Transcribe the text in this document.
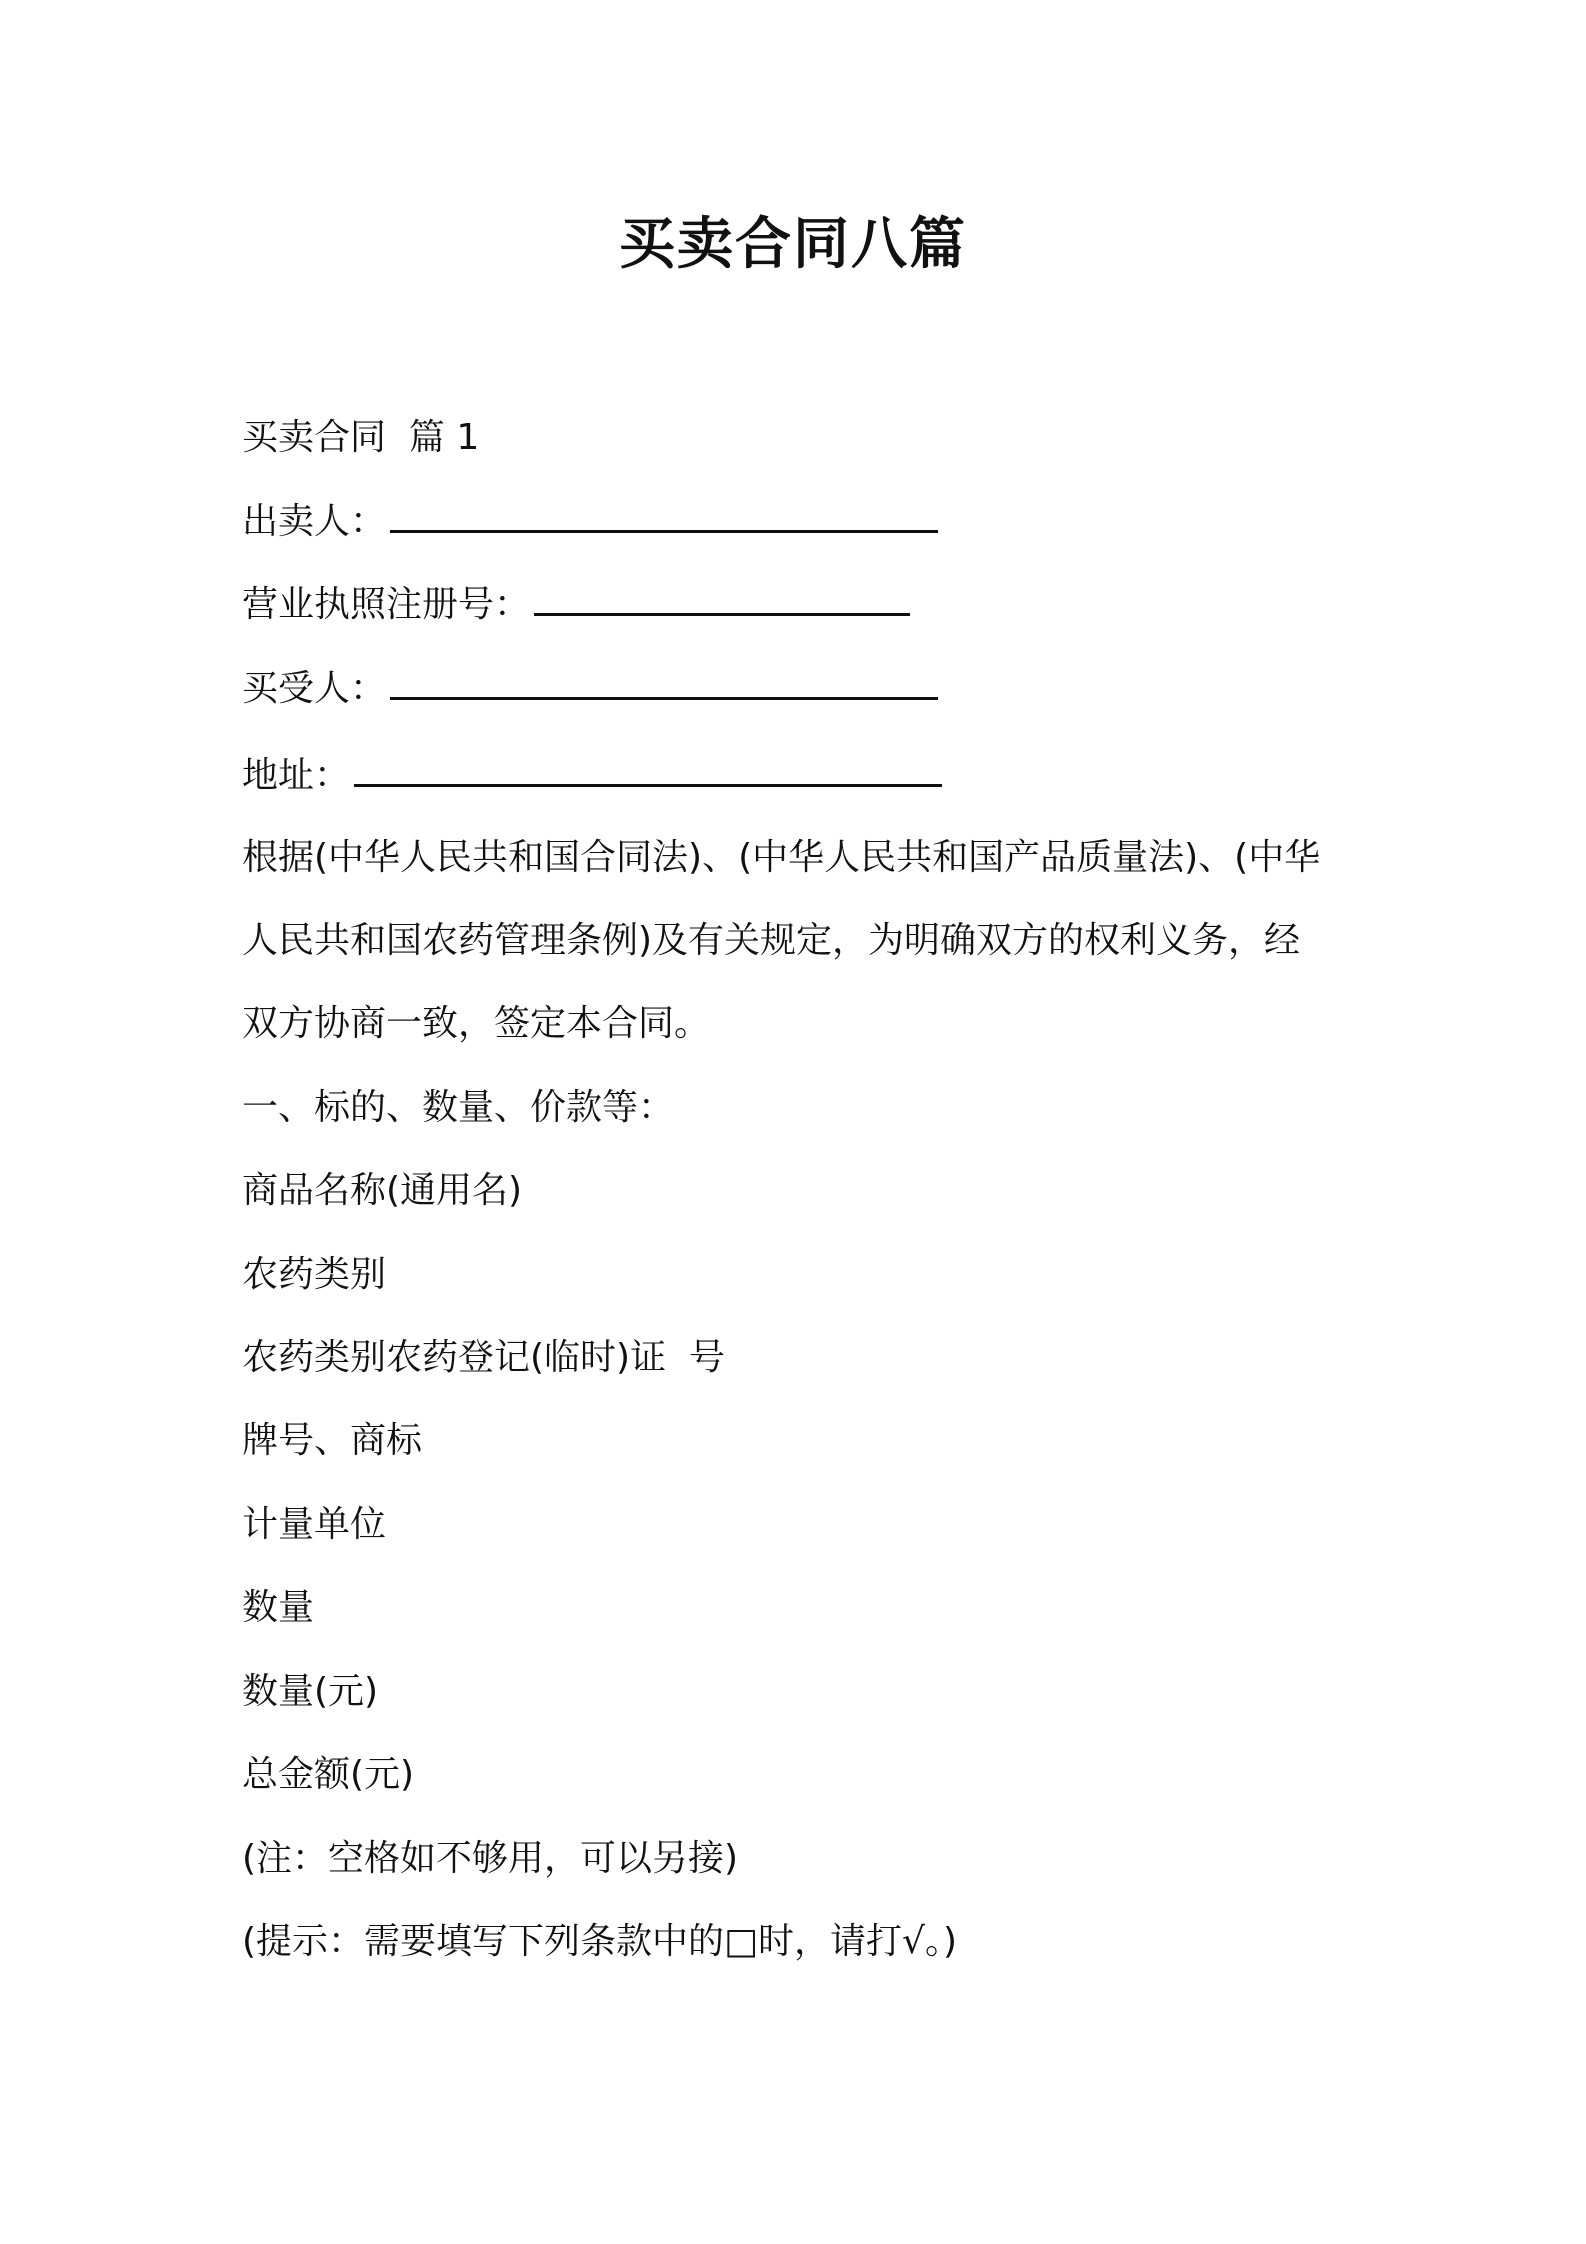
买卖合同八篇
买卖合同  篇 1
出卖人：
营业执照注册号：
买受人：
地址：
根据(中华人民共和国合同法)、(中华人民共和国产品质量法)、(中华
人民共和国农药管理条例)及有关规定，为明确双方的权利义务，经
双方协商一致，签定本合同。
一、标的、数量、价款等：
商品名称(通用名)
农药类别
农药类别农药登记(临时)证  号
牌号、商标
计量单位
数量
数量(元)
总金额(元)
(注：空格如不够用，可以另接)
(提示：需要填写下列条款中的□时，请打√。)
